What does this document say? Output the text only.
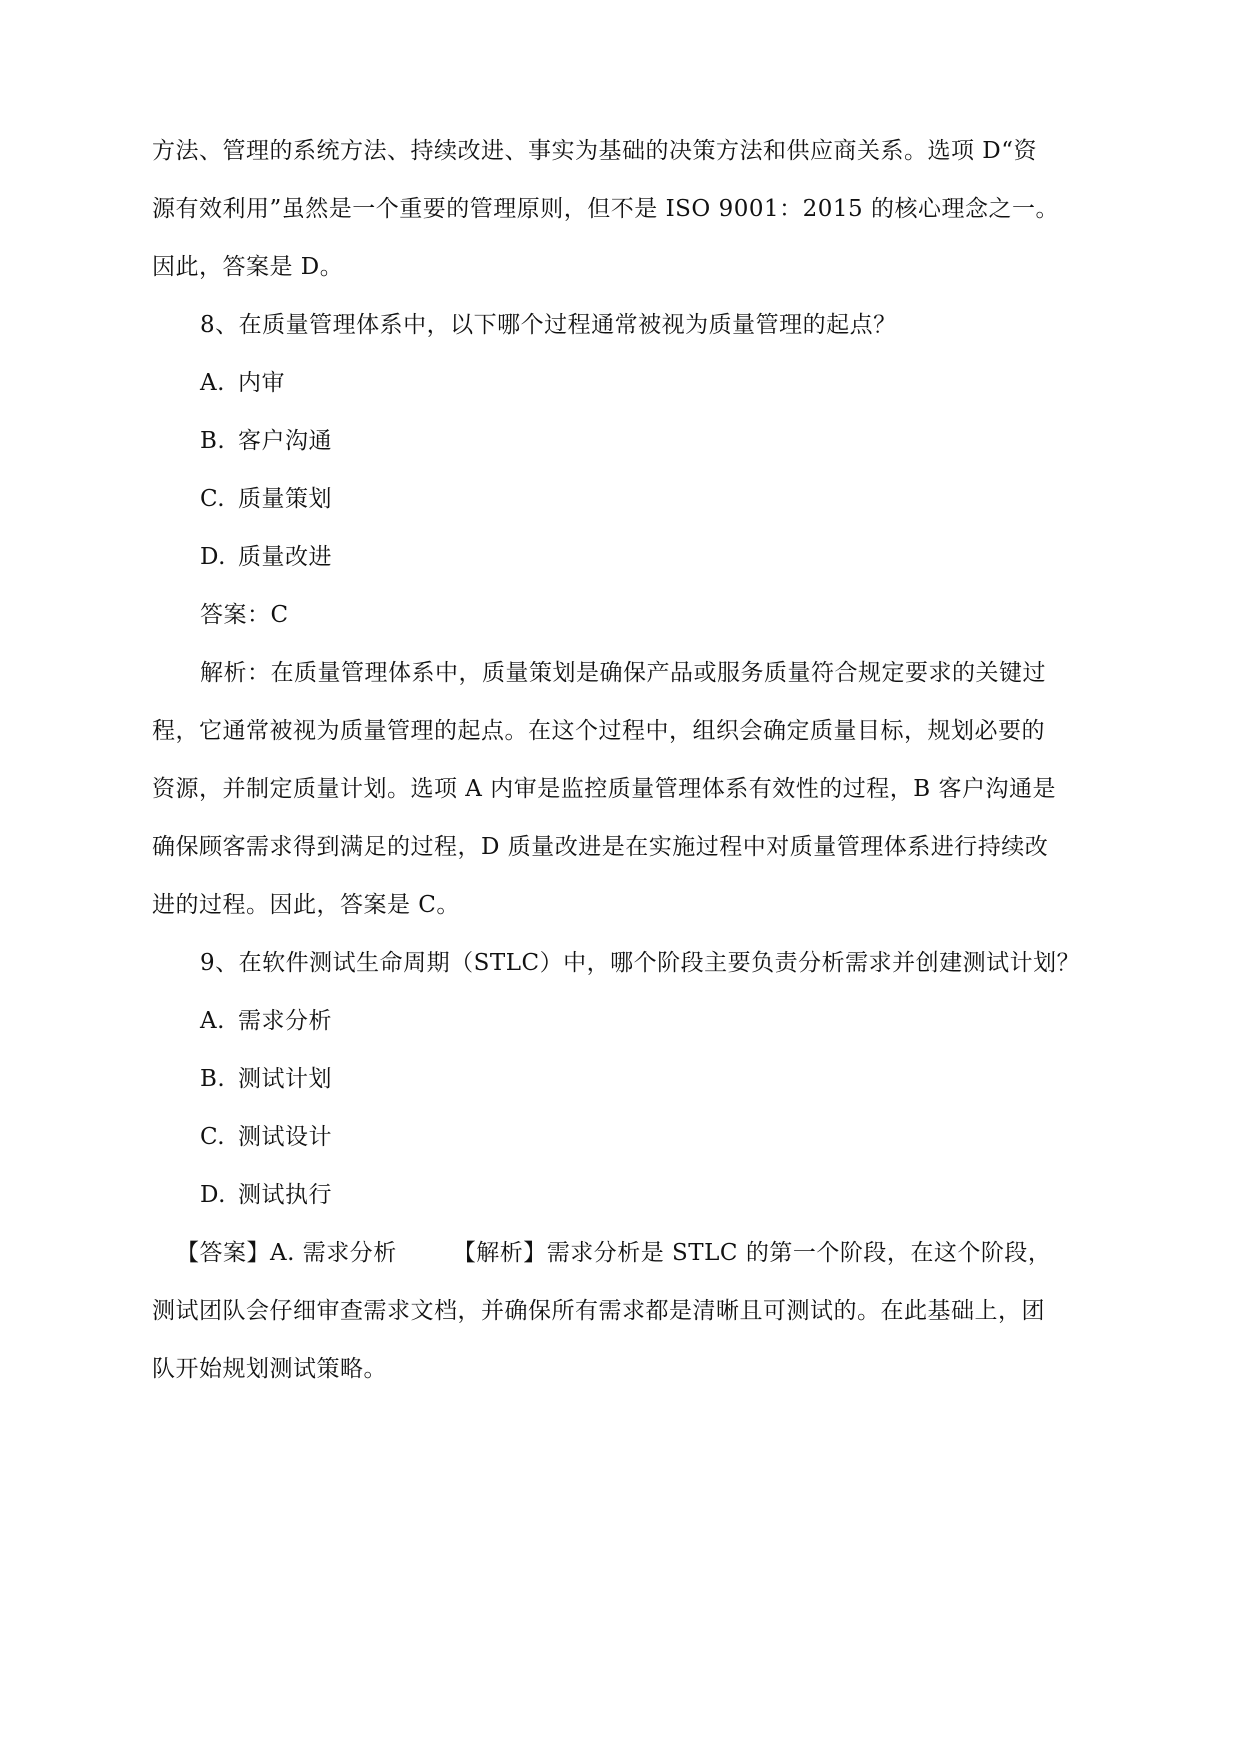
方法、管理的系统方法、持续改进、事实为基础的决策方法和供应商关系。选项 D“资
源有效利用”虽然是一个重要的管理原则，但不是 ISO 9001：2015 的核心理念之一。
因此，答案是 D。
8、在质量管理体系中，以下哪个过程通常被视为质量管理的起点？
A. 内审
B. 客户沟通
C. 质量策划
D. 质量改进
答案：C
解析：在质量管理体系中，质量策划是确保产品或服务质量符合规定要求的关键过
程，它通常被视为质量管理的起点。在这个过程中，组织会确定质量目标，规划必要的
资源，并制定质量计划。选项 A 内审是监控质量管理体系有效性的过程，B 客户沟通是
确保顾客需求得到满足的过程，D 质量改进是在实施过程中对质量管理体系进行持续改
进的过程。因此，答案是 C。
9、在软件测试生命周期（STLC）中，哪个阶段主要负责分析需求并创建测试计划？
A. 需求分析
B. 测试计划
C. 测试设计
D. 测试执行
【答案】A. 需求分析 【解析】需求分析是 STLC 的第一个阶段，在这个阶段，
测试团队会仔细审查需求文档，并确保所有需求都是清晰且可测试的。在此基础上，团
队开始规划测试策略。
